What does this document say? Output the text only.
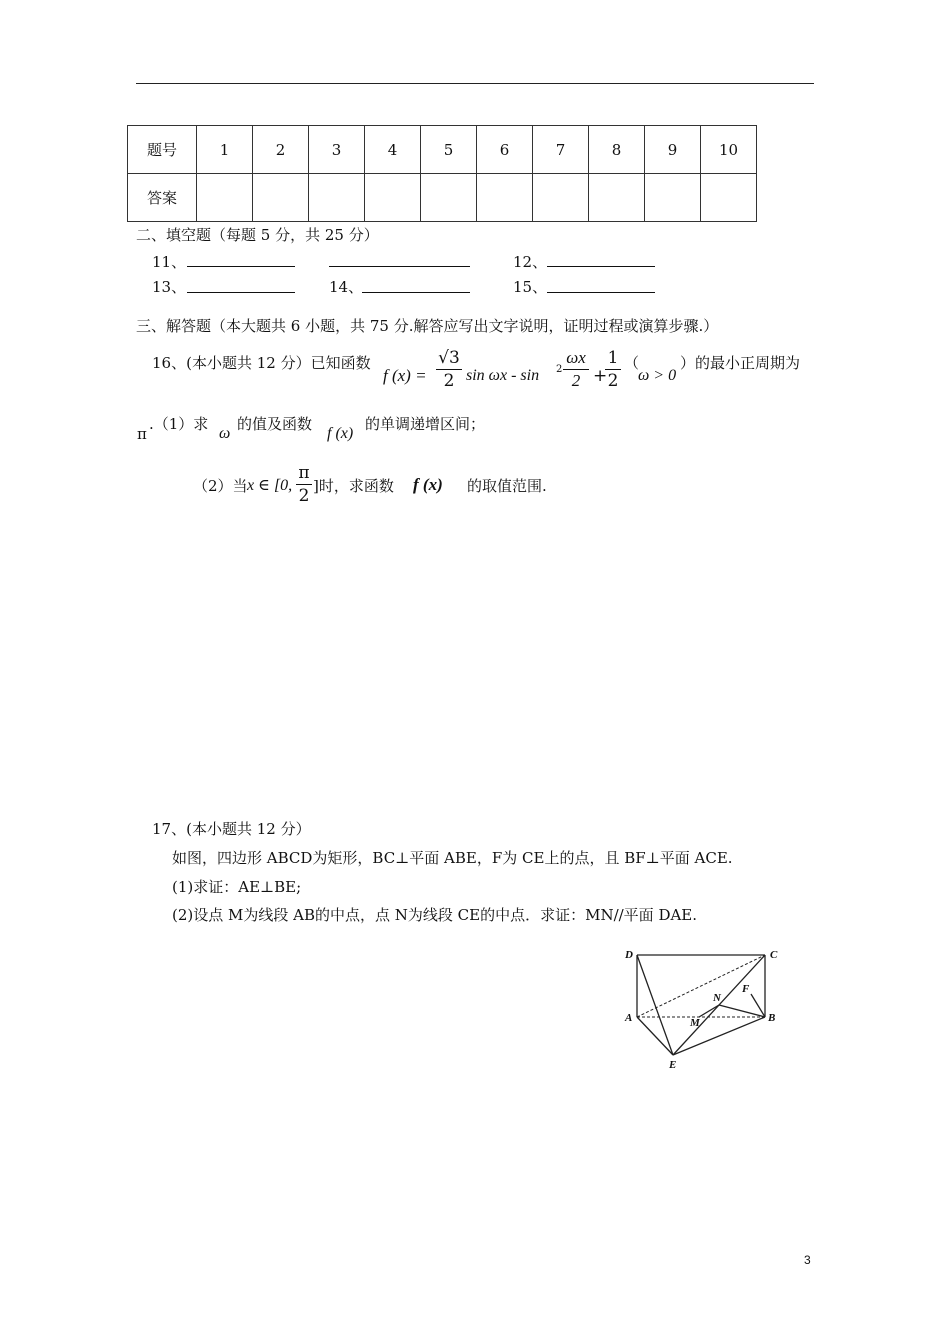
题号	1	2	3	4	5	6	7	8	9	10
答案										
二、填空题（每题 5 分，共 25 分）
11、	12、
13、	14、	15、
三、解答题（本大题共 6 小题，共 75 分.解答应写出文字说明，证明过程或演算步骤.）
16、(本小题共 12 分）已知函数
f (x) =
√3
2 sin ωx - sin 2
ωx
2 +
1
2
（
ω > 0
）的最小正周期为
π
.（1）求
ω
的值及函数
f (x)
的单调递增区间；
（2）当 x ∈ [0,
π
2 ]时，求函数 f (x) 的取值范围.
17、(本小题共 12 分）
如图，四边形 ABCD为矩形，BC⊥平面 ABE，F为 CE上的点，且 BF⊥平面 ACE.
(1)求证：AE⊥BE;
(2)设点 M为线段 AB的中点，点 N为线段 CE的中点．求证：MN//平面 DAE.
D	C
A	B
E
F
N
M
3
